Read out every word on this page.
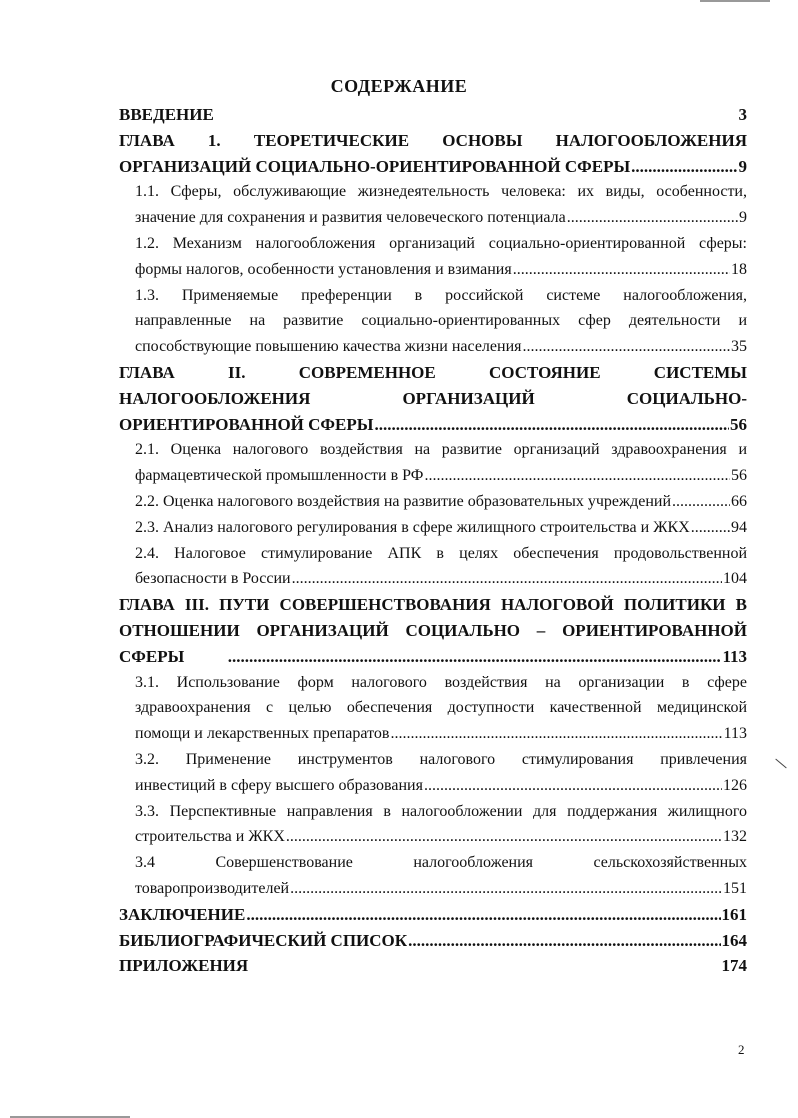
СОДЕРЖАНИЕ
ВВЕДЕНИЕ	3
ГЛАВА 1. ТЕОРЕТИЧЕСКИЕ ОСНОВЫ НАЛОГООБЛОЖЕНИЯ
ОРГАНИЗАЦИЙ СОЦИАЛЬНО-ОРИЕНТИРОВАННОЙ СФЕРЫ .....	9
1.1. Сферы, обслуживающие жизнедеятельность человека: их виды, особенности,
значение для сохранения и развития человеческого потенциала .....	9
1.2. Механизм налогообложения организаций социально-ориентированной сферы:
формы налогов, особенности установления и взимания .....	18
1.3. Применяемые преференции в российской системе налогообложения,
направленные на развитие социально-ориентированных сфер деятельности и
способствующие повышению качества жизни населения .....	35
ГЛАВА II. СОВРЕМЕННОЕ СОСТОЯНИЕ СИСТЕМЫ
НАЛОГООБЛОЖЕНИЯ ОРГАНИЗАЦИЙ СОЦИАЛЬНО-
ОРИЕНТИРОВАННОЙ СФЕРЫ .....	56
2.1. Оценка налогового воздействия на развитие организаций здравоохранения и
фармацевтической промышленности в РФ .....	56
2.2. Оценка налогового воздействия на развитие образовательных учреждений .....	66
2.3. Анализ налогового регулирования в сфере жилищного строительства и ЖКХ .....	94
2.4. Налоговое стимулирование АПК в целях обеспечения продовольственной
безопасности в России .....	104
ГЛАВА III. ПУТИ СОВЕРШЕНСТВОВАНИЯ НАЛОГОВОЙ ПОЛИТИКИ В
ОТНОШЕНИИ ОРГАНИЗАЦИЙ СОЦИАЛЬНО – ОРИЕНТИРОВАННОЙ
СФЕРЫ .....	113
3.1. Использование форм налогового воздействия на организации в сфере
здравоохранения с целью обеспечения доступности качественной медицинской
помощи и лекарственных препаратов .....	113
3.2. Применение инструментов налогового стимулирования привлечения
инвестиций в сферу высшего образования .....	126
3.3. Перспективные направления в налогообложении для поддержания жилищного
строительства и ЖКХ .....	132
3.4 Совершенствование налогообложения сельскохозяйственных
товаропроизводителей .....	151
ЗАКЛЮЧЕНИЕ .....	161
БИБЛИОГРАФИЧЕСКИЙ СПИСОК .....	164
ПРИЛОЖЕНИЯ	174
2
